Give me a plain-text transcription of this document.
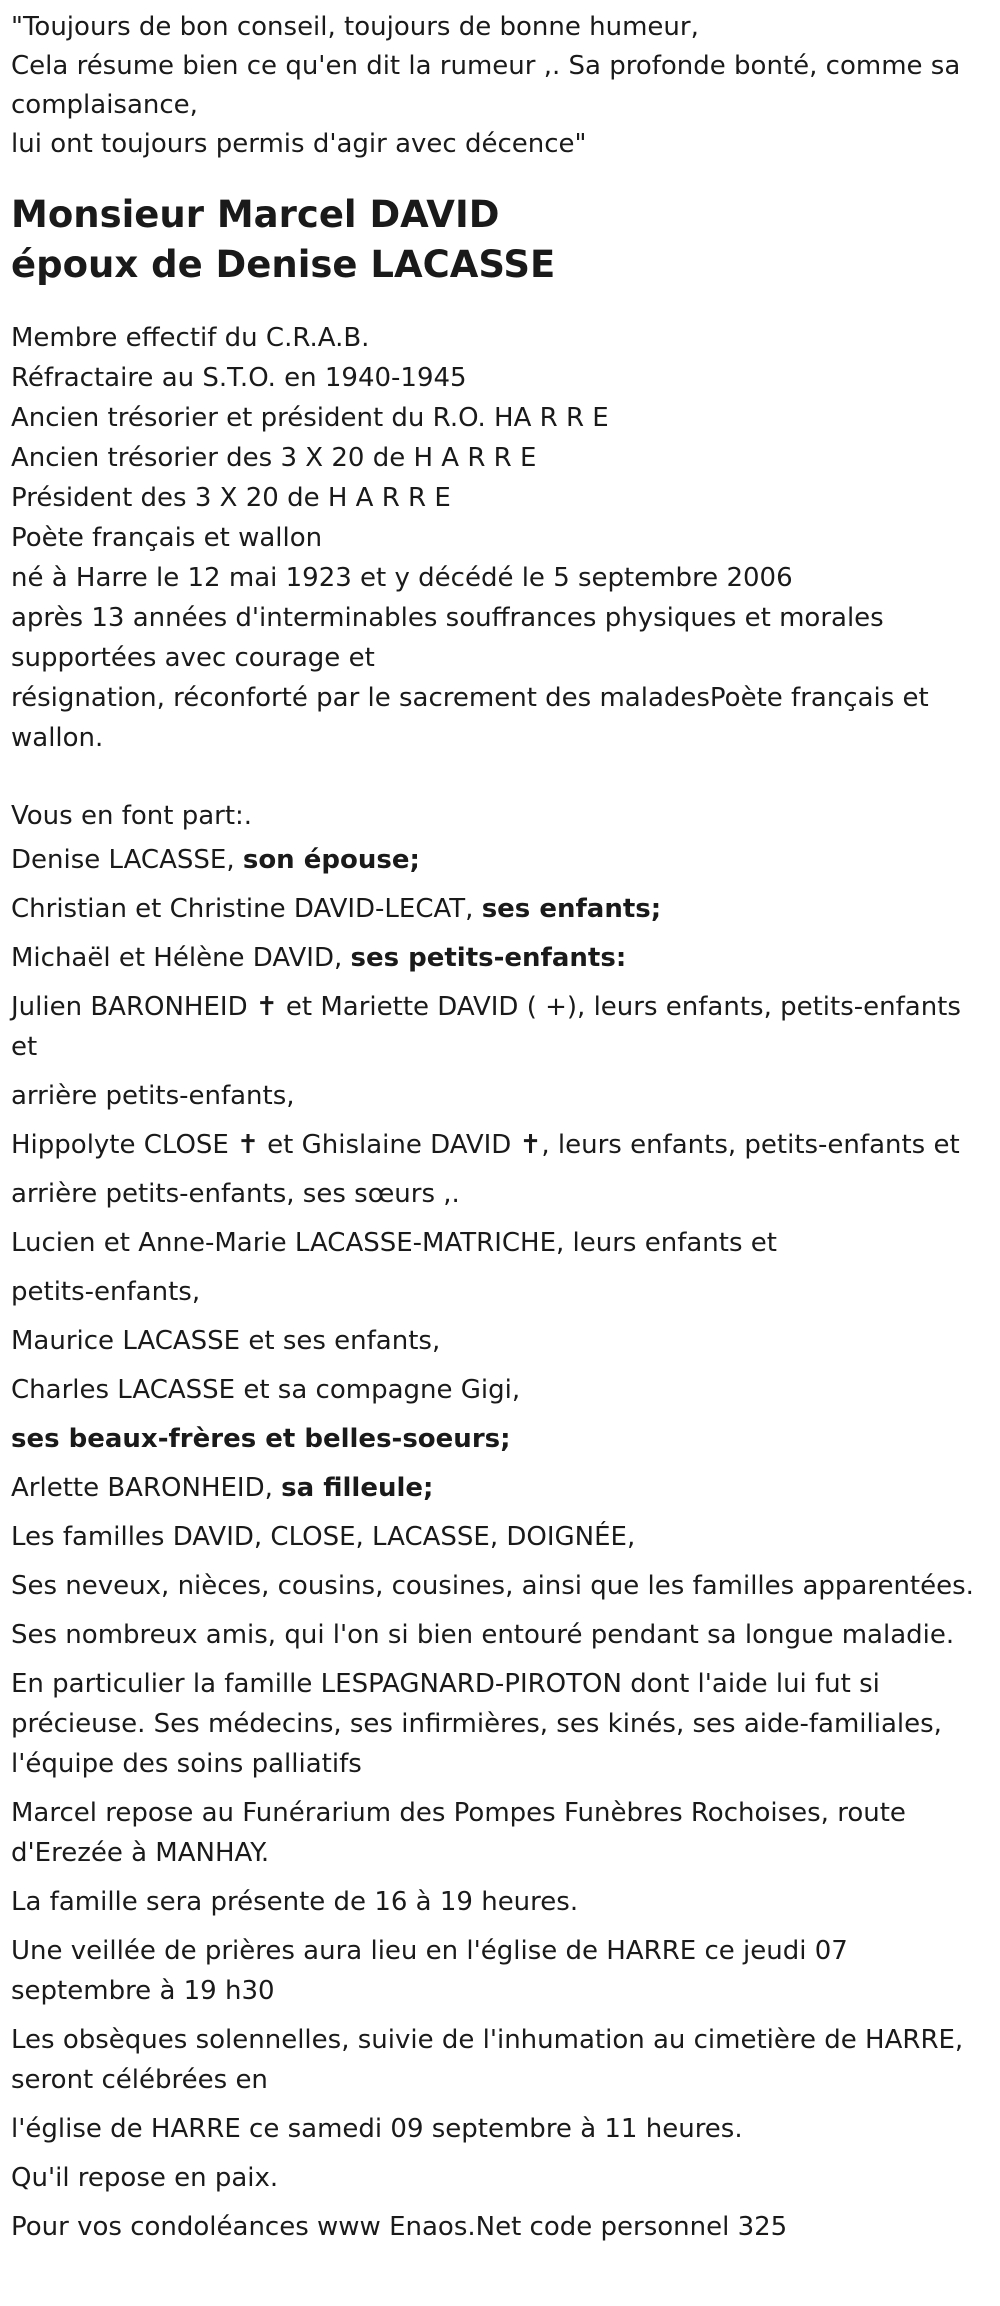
"Toujours de bon conseil, toujours de bonne humeur,
Cela résume bien ce qu'en dit la rumeur ,. Sa profonde bonté, comme sa complaisance,
lui ont toujours permis d'agir avec décence"
Monsieur Marcel DAVID
époux de Denise LACASSE
Membre effectif du C.R.A.B.
Réfractaire au S.T.O. en 1940-1945
Ancien trésorier et président du R.O. HA R R E
Ancien trésorier des 3 X 20 de H A R R E
Président des 3 X 20 de H A R R E
Poète français et wallon
né à Harre le 12 mai 1923 et y décédé le 5 septembre 2006
après 13 années d'interminables souffrances physiques et morales supportées avec courage et
résignation, réconforté par le sacrement des maladesPoète français et wallon.

Vous en font part:.

Denise LACASSE, son épouse;

Christian et Christine DAVID-LECAT, ses enfants;

Michaël et Hélène DAVID, ses petits-enfants:

Julien BARONHEID ✝ et Mariette DAVID ( +), leurs enfants, petits-enfants et

arrière petits-enfants,

Hippolyte CLOSE ✝ et Ghislaine DAVID ✝, leurs enfants, petits-enfants et

arrière petits-enfants, ses sœurs ,.

Lucien et Anne-Marie LACASSE-MATRICHE, leurs enfants et

petits-enfants,

Maurice LACASSE et ses enfants,

Charles LACASSE et sa compagne Gigi,

ses beaux-frères et belles-soeurs;

Arlette BARONHEID, sa filleule;

Les familles DAVID, CLOSE, LACASSE, DOIGNÉE,

Ses neveux, nièces, cousins, cousines, ainsi que les familles apparentées.

Ses nombreux amis, qui l'on si bien entouré pendant sa longue maladie.

En particulier la famille LESPAGNARD-PIROTON dont l'aide lui fut si précieuse. Ses médecins, ses infirmières, ses kinés, ses aide-familiales, l'équipe des soins palliatifs

Marcel repose au Funérarium des Pompes Funèbres Rochoises, route d'Erezée à MANHAY.

La famille sera présente de 16 à 19 heures.

Une veillée de prières aura lieu en l'église de HARRE ce jeudi 07 septembre à 19 h30

Les obsèques solennelles, suivie de l'inhumation au cimetière de HARRE, seront célébrées en

l'église de HARRE ce samedi 09 septembre à 11 heures.

Qu'il repose en paix.

Pour vos condoléances www Enaos.Net code personnel 325
